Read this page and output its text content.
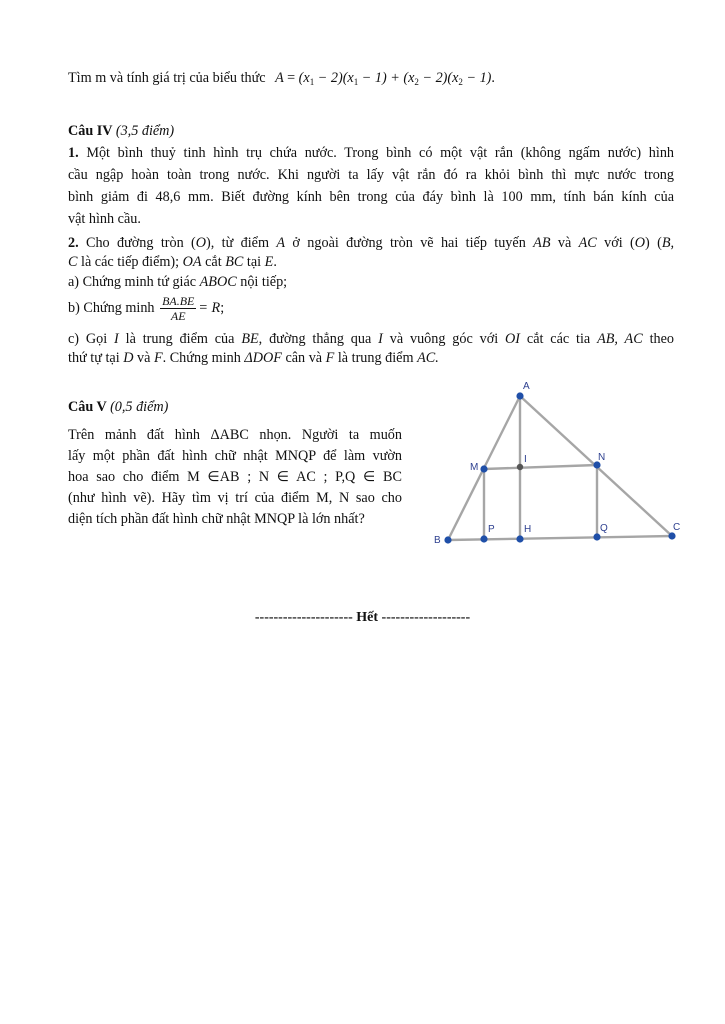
Tìm m và tính giá trị của biểu thức $A = (x_1 - 2)(x_1 - 1) + (x_2 - 2)(x_2 - 1)$.
Câu IV (3,5 điểm)
1. Một bình thuỷ tinh hình trụ chứa nước. Trong bình có một vật rắn (không ngấm nước) hình
cầu ngập hoàn toàn trong nước. Khi người ta lấy vật rắn đó ra khỏi bình thì mực nước trong
bình giảm đi 48,6 mm. Biết đường kính bên trong của đáy bình là 100 mm, tính bán kính của
vật hình cầu.
2. Cho đường tròn (O), từ điểm A ở ngoài đường tròn vẽ hai tiếp tuyến AB và AC với (O) (B,
C là các tiếp điểm); OA cắt BC tại E.
a) Chứng minh tứ giác ABOC nội tiếp;
b) Chứng minh $\frac{BA.BE}{AE} = R$;
c) Gọi I là trung điểm của BE, đường thẳng qua I và vuông góc với OI cắt các tia AB, AC theo
thứ tự tại D và F. Chứng minh ΔDOF cân và F là trung điểm AC.
Câu V (0,5 điểm)
Trên mảnh đất hình ΔABC nhọn. Người ta muốn
lấy một phần đất hình chữ nhật MNQP để làm vườn
hoa sao cho điểm M ∈AB ; N ∈ AC ; P,Q ∈ BC
(như hình vẽ). Hãy tìm vị trí của điểm M, N sao cho
diện tích phần đất hình chữ nhật MNQP là lớn nhất?
A
B
C
M
N
I
P	H	Q
--------------------- Hết -------------------
